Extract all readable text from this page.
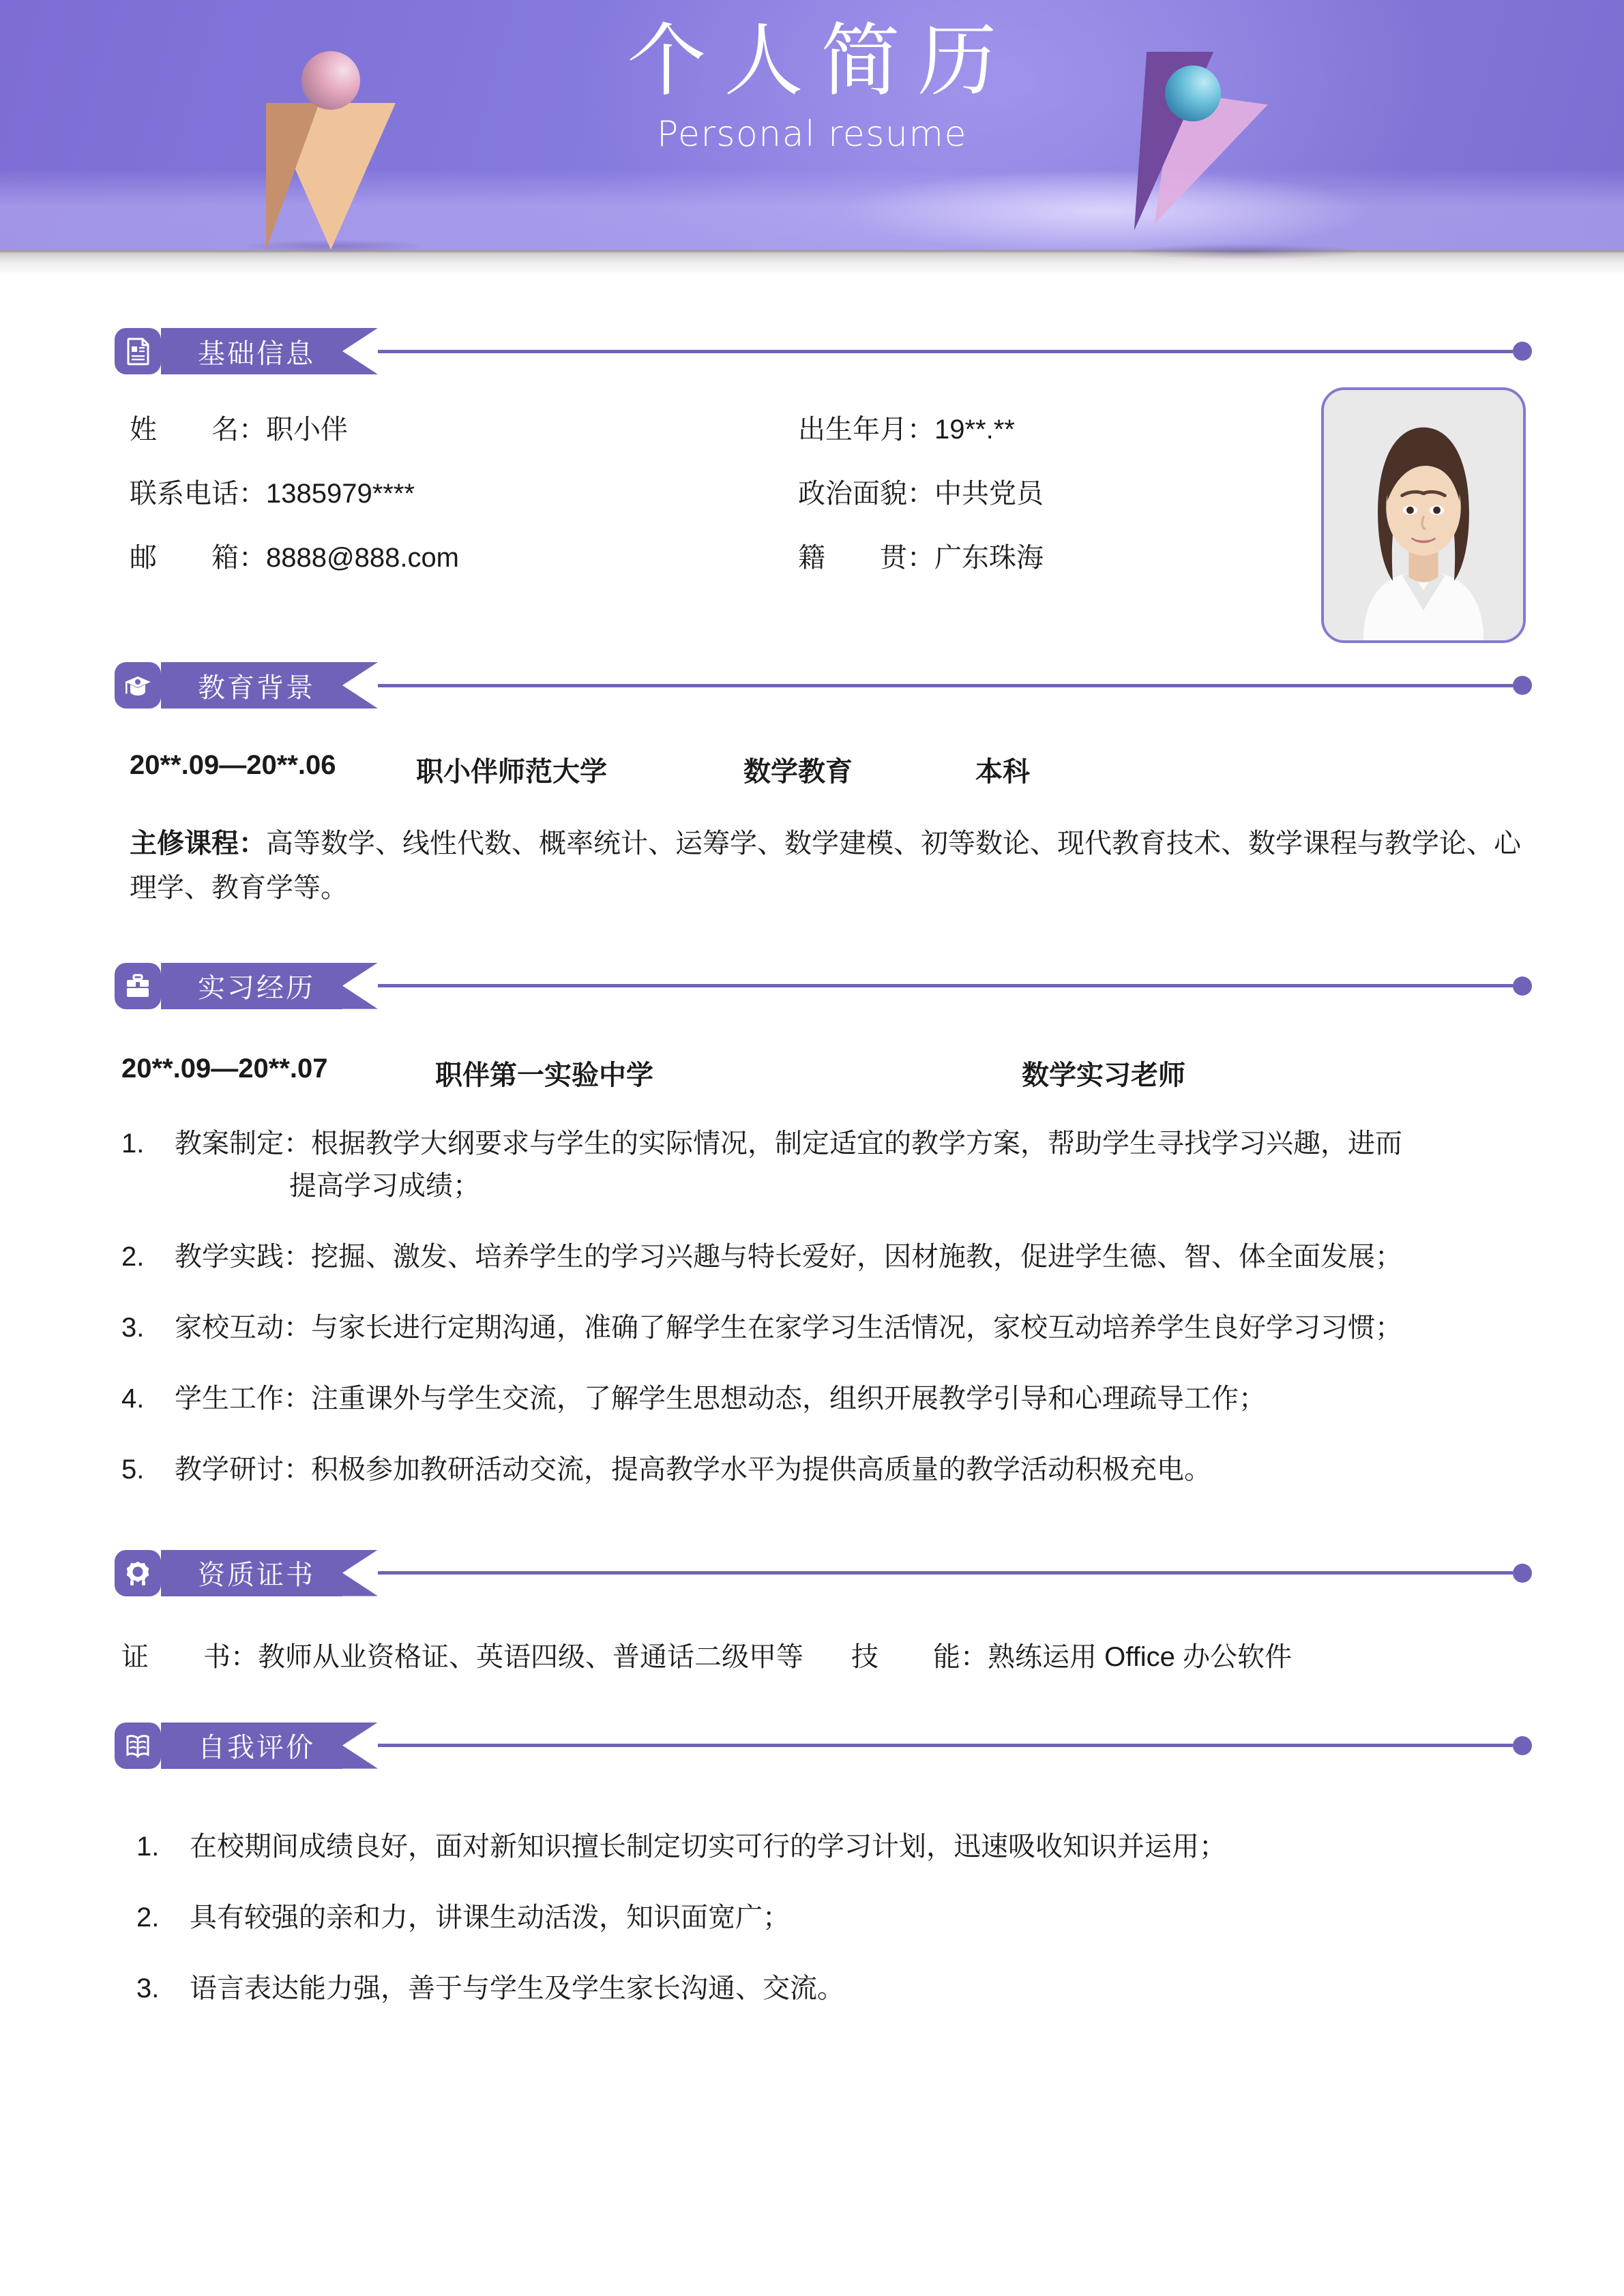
个人简历
Personal resume
基础信息
姓　　名：职小伴
联系电话：1385979****
邮　　箱：8888@888.com
出生年月：19**.**
政治面貌：中共党员
籍　　贯：广东珠海
教育背景
20**.09—20**.06	职小伴师范大学	数学教育	本科
主修课程：高等数学、线性代数、概率统计、运筹学、数学建模、初等数论、现代教育技术、数学课程与教学论、心理学、教育学等。
实习经历
20**.09—20**.07	职伴第一实验中学	数学实习老师
1.	教案制定：根据教学大纲要求与学生的实际情况，制定适宜的教学方案，帮助学生寻找学习兴趣，进而
提高学习成绩；
2.	教学实践：挖掘、激发、培养学生的学习兴趣与特长爱好，因材施教，促进学生德、智、体全面发展；
3.	家校互动：与家长进行定期沟通，准确了解学生在家学习生活情况，家校互动培养学生良好学习习惯；
4.	学生工作：注重课外与学生交流，了解学生思想动态，组织开展教学引导和心理疏导工作；
5.	教学研讨：积极参加教研活动交流，提高教学水平为提供高质量的教学活动积极充电。
资质证书
证　　书：教师从业资格证、英语四级、普通话二级甲等 技　　能：熟练运用 Office 办公软件
自我评价
1.	在校期间成绩良好，面对新知识擅长制定切实可行的学习计划，迅速吸收知识并运用；
2.	具有较强的亲和力，讲课生动活泼，知识面宽广；
3.	语言表达能力强，善于与学生及学生家长沟通、交流。
